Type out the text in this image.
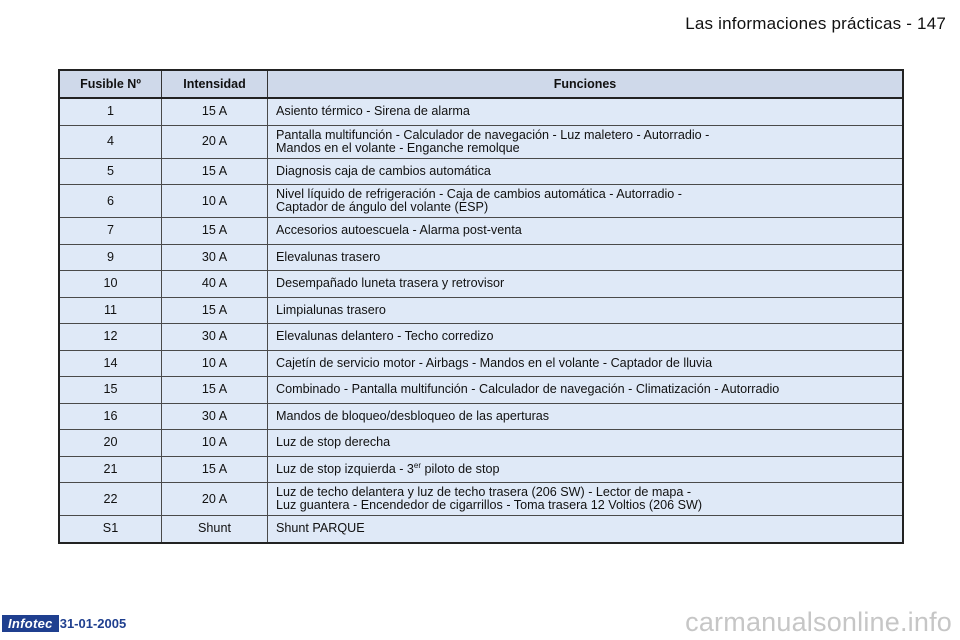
Las informaciones prácticas - 147
Fusible Nº	Intensidad	Funciones
1	15 A	Asiento térmico - Sirena de alarma

4	20 A	Pantalla multifunción - Calculador de navegación - Luz maletero - Autorradio -
Mandos en el volante - Enganche remolque

5	15 A	Diagnosis caja de cambios automática

6	10 A	Nivel líquido de refrigeración - Caja de cambios automática - Autorradio -
Captador de ángulo del volante (ESP)

7	15 A	Accesorios autoescuela - Alarma post-venta

9	30 A	Elevalunas trasero

10	40 A	Desempañado luneta trasera y retrovisor

11	15 A	Limpialunas trasero

12	30 A	Elevalunas delantero - Techo corredizo

14	10 A	Cajetín de servicio motor - Airbags - Mandos en el volante - Captador de lluvia

15	15 A	Combinado - Pantalla multifunción - Calculador de navegación - Climatización - Autorradio

16	30 A	Mandos de bloqueo/desbloqueo de las aperturas

20	10 A	Luz de stop derecha

21	15 A	Luz de stop izquierda - 3er piloto de stop
22	20 A	Luz de techo delantera y luz de techo trasera (206 SW) - Lector de mapa -
Luz guantera - Encendedor de cigarrillos - Toma trasera 12 Voltios (206 SW)

S1	Shunt	Shunt PARQUE
Infotec 31-01-2005	carmanualsonline.info
